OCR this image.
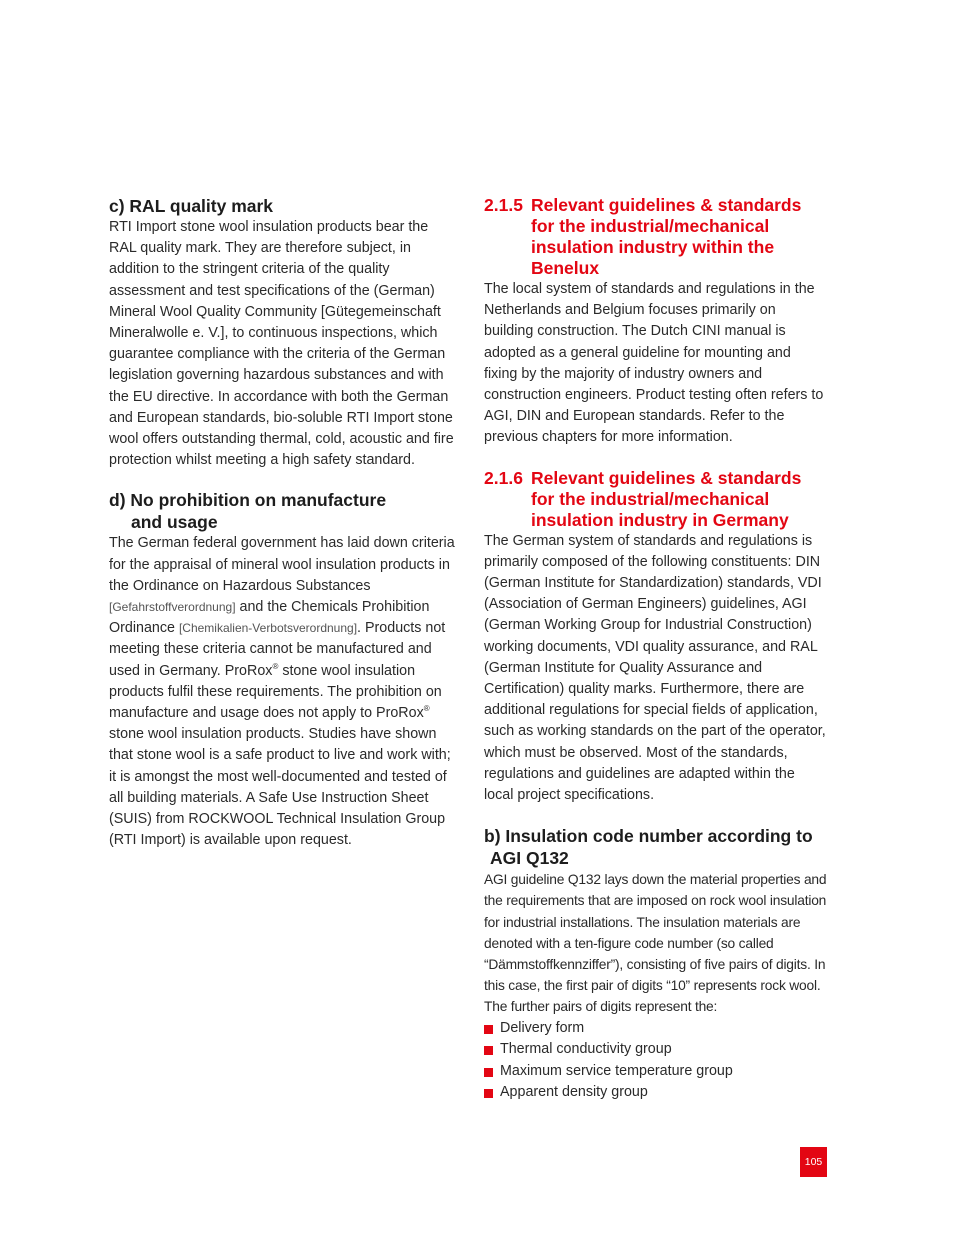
c) RAL quality mark

RTI Import stone wool insulation products bear the RAL quality mark. They are therefore subject, in addition to the stringent criteria of the quality assessment and test specifications of the (German) Mineral Wool Quality Community [Gütegemeinschaft Mineralwolle e. V.], to continuous inspections, which guarantee compliance with the criteria of the German legislation governing hazardous substances and with the EU directive. In accordance with both the German and European standards, bio-soluble RTI Import stone wool offers outstanding thermal, cold, acoustic and fire protection whilst meeting a high safety standard.

d) No prohibition on manufacture
and usage

The German federal government has laid down criteria for the appraisal of mineral wool insulation products in the Ordinance on Hazardous Substances [Gefahrstoffverordnung] and the Chemicals Prohibition Ordinance [Chemikalien-Verbotsverordnung]. Products not meeting these criteria cannot be manufactured and used in Germany. ProRox® stone wool insulation products fulfil these requirements. The prohibition on manufacture and usage does not apply to ProRox® stone wool insulation products. Studies have shown that stone wool is a safe product to live and work with; it is amongst the most well-documented and tested of all building materials. A Safe Use Instruction Sheet (SUIS) from ROCKWOOL Technical Insulation Group (RTI Import) is available upon request.

2.1.5 Relevant guidelines & standards for the industrial/mechanical insulation industry within the Benelux

The local system of standards and regulations in the Netherlands and Belgium focuses primarily on building construction. The Dutch CINI manual is adopted as a general guideline for mounting and fixing by the majority of industry owners and construction engineers. Product testing often refers to AGI, DIN and European standards. Refer to the previous chapters for more information.

2.1.6 Relevant guidelines & standards for the industrial/mechanical insulation industry in Germany

The German system of standards and regulations is primarily composed of the following constituents: DIN (German Institute for Standardization) standards, VDI (Association of German Engineers) guidelines, AGI (German Working Group for Industrial Construction) working documents, VDI quality assurance, and RAL (German Institute for Quality Assurance and Certification) quality marks. Furthermore, there are additional regulations for special fields of application, such as working standards on the part of the operator, which must be observed. Most of the standards, regulations and guidelines are adapted within the local project specifications.

b) Insulation code number according to
AGI Q132

AGI guideline Q132 lays down the material properties and the requirements that are imposed on rock wool insulation for industrial installations. The insulation materials are denoted with a ten-figure code number (so called “Dämmstoffkennziffer”), consisting of five pairs of digits. In this case, the first pair of digits “10” represents rock wool. The further pairs of digits represent the:

Delivery form
Thermal conductivity group
Maximum service temperature group
Apparent density group
105
